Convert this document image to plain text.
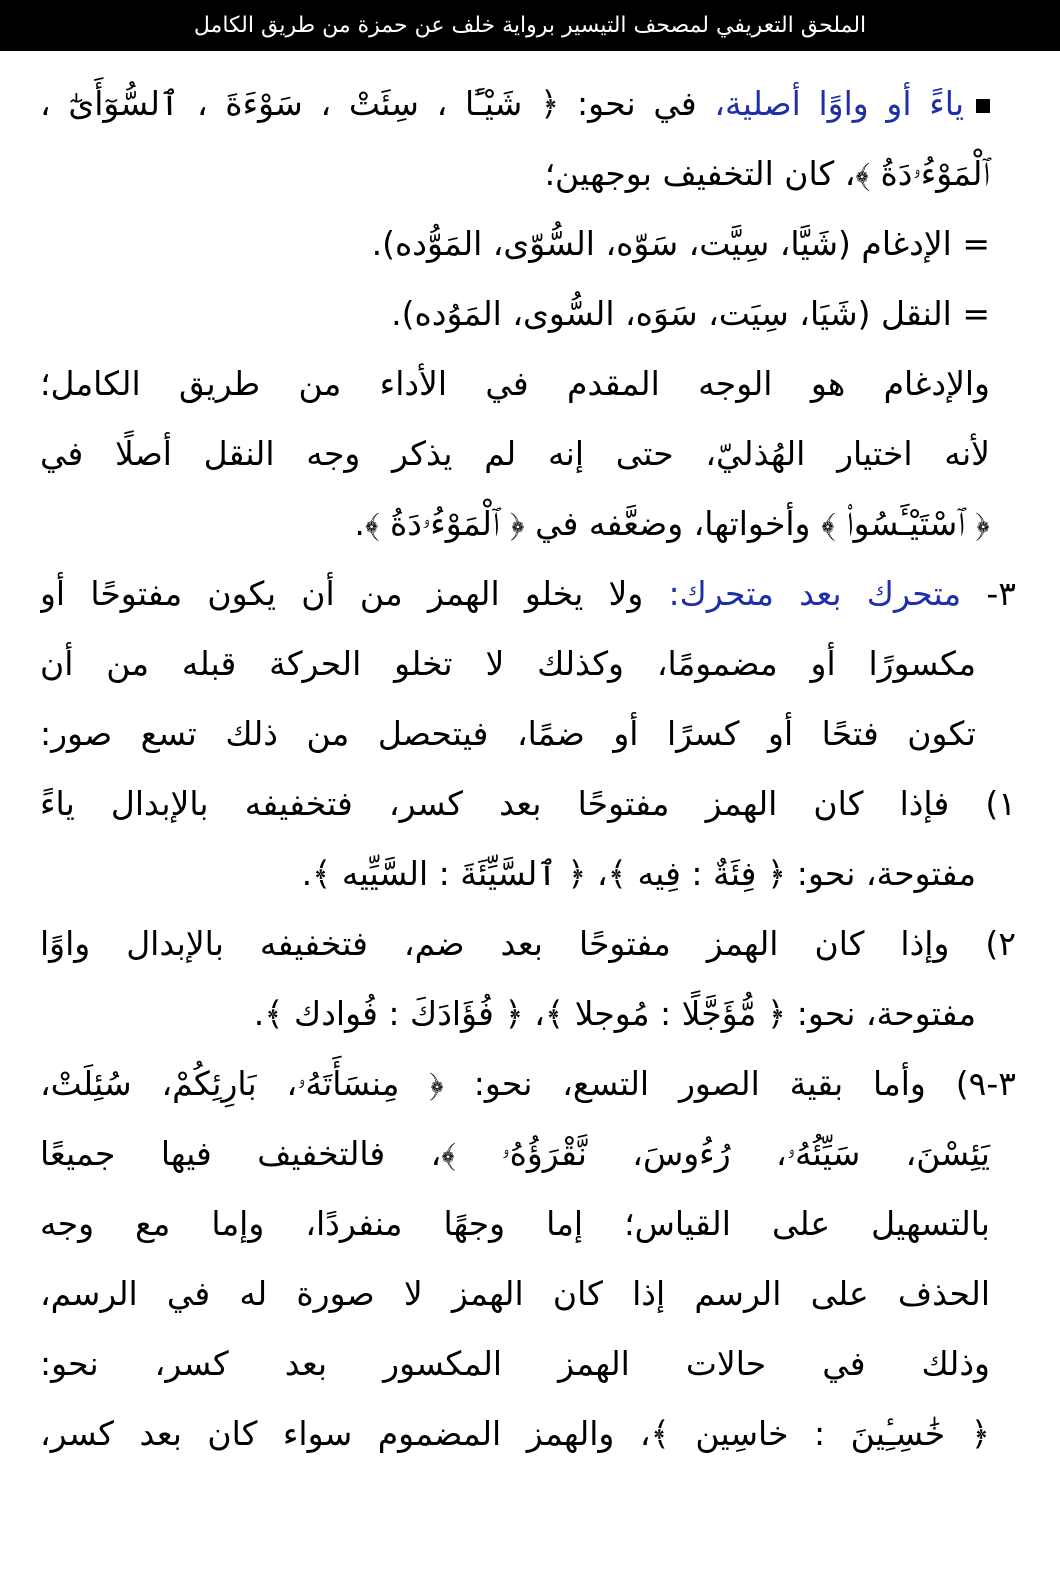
الملحق التعريفي لمصحف التيسير برواية خلف عن حمزة من طريق الكامل
ياءً أو واوًا أصلية، في نحو: ﴿ شَيْـًٔا ، سِئَتْ ، سَوْءَةَ ، ٱلسُّوٓأَىٰٓ ،
ٱلْمَوْءُۥدَةُ ﴾، كان التخفيف بوجهين؛
= الإدغام (شَيَّا، سِيَّت، سَوّه، السُّوّى، المَوُّده).
= النقل (شَيَا، سِيَت، سَوَه، السُّوى، المَوُده).
والإدغام هو الوجه المقدم في الأداء من طريق الكامل؛
لأنه اختيار الهُذليّ، حتى إنه لم يذكر وجه النقل أصلًا في
﴿ ٱسْتَيْـَٔسُوا۟ ﴾ وأخواتها، وضعَّفه في ﴿ ٱلْمَوْءُۥدَةُ ﴾.
٣- متحرك بعد متحرك: ولا يخلو الهمز من أن يكون مفتوحًا أو
مكسورًا أو مضمومًا، وكذلك لا تخلو الحركة قبله من أن
تكون فتحًا أو كسرًا أو ضمًا، فيتحصل من ذلك تسع صور:
١) فإذا كان الهمز مفتوحًا بعد كسر، فتخفيفه بالإبدال ياءً
مفتوحة، نحو: ﴿ فِئَةٌ : فِيه ﴾، ﴿ ٱلسَّيِّئَةَ : السَّيِّيه ﴾.
٢) وإذا كان الهمز مفتوحًا بعد ضم، فتخفيفه بالإبدال واوًا
مفتوحة، نحو: ﴿ مُّؤَجَّلًا : مُوجلا ﴾، ﴿ فُؤَادَكَ : فُوادك ﴾.
٣-٩) وأما بقية الصور التسع، نحو: ﴿ مِنسَأَتَهُۥ، بَارِئِكُمْ، سُئِلَتْ،
يَئِسْنَ، سَيِّئُهُۥ، رُءُوسَ، نَّقْرَؤُهُۥ ﴾، فالتخفيف فيها جميعًا
بالتسهيل على القياس؛ إما وجهًا منفردًا، وإما مع وجه
الحذف على الرسم إذا كان الهمز لا صورة له في الرسم،
وذلك في حالات الهمز المكسور بعد كسر، نحو:
﴿ خَٰسِـِٔينَ : خاسِين ﴾، والهمز المضموم سواء كان بعد كسر،
